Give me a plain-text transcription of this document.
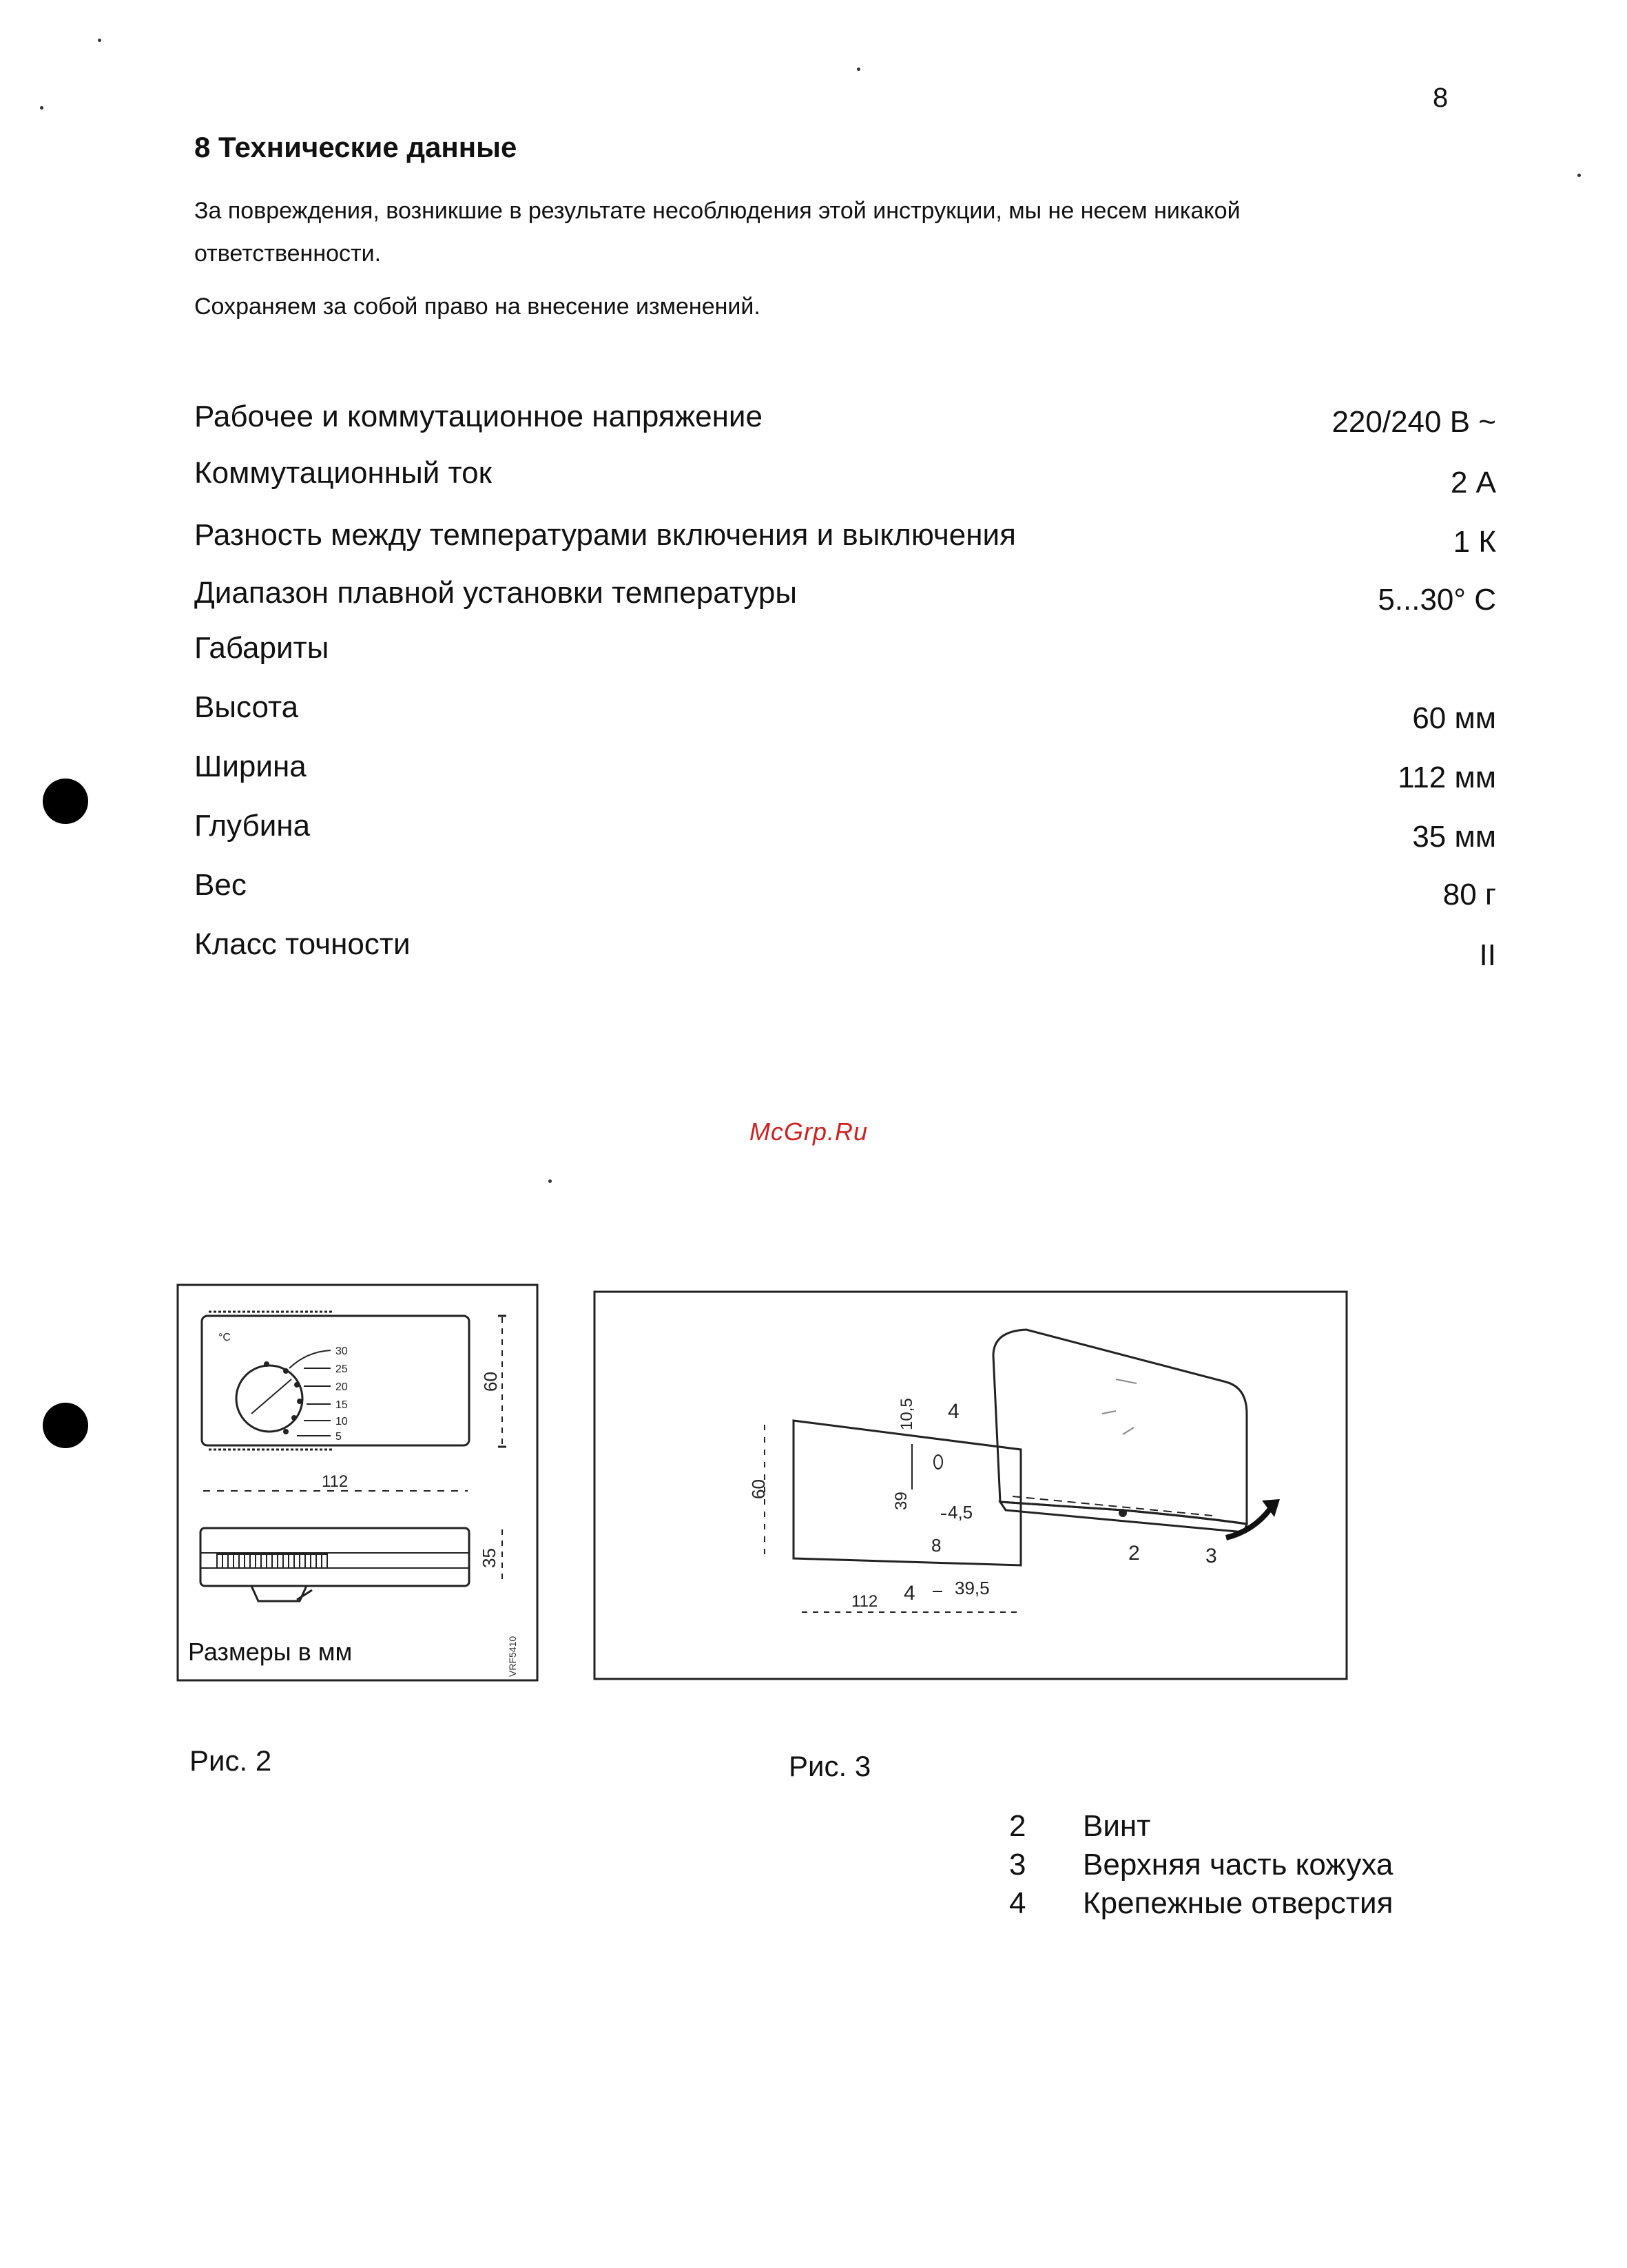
8
8 Технические данные
За повреждения, возникшие в результате несоблюдения этой инструкции, мы не несем никакой
ответственности.
Сохраняем за собой право на внесение изменений.
Рабочее и коммутационное напряжение	220/240 В ~
Коммутационный ток	2 А
Разность между температурами включения и выключения	1 К
Диапазон плавной установки температуры	5...30° С
Габариты
Высота	60 мм
Ширина	112 мм
Глубина	35 мм
Вес	80 г
Класс точности	II
McGrp.Ru
°C
30
25
20
15
10
5
60
112
35
Размеры в мм	VRF5410
60
112
10,5
39
4,5
8
4
4 39,5
2	3
Рис. 2	Рис. 3
2 Винт
3 Верхняя часть кожуха
4 Крепежные отверстия
